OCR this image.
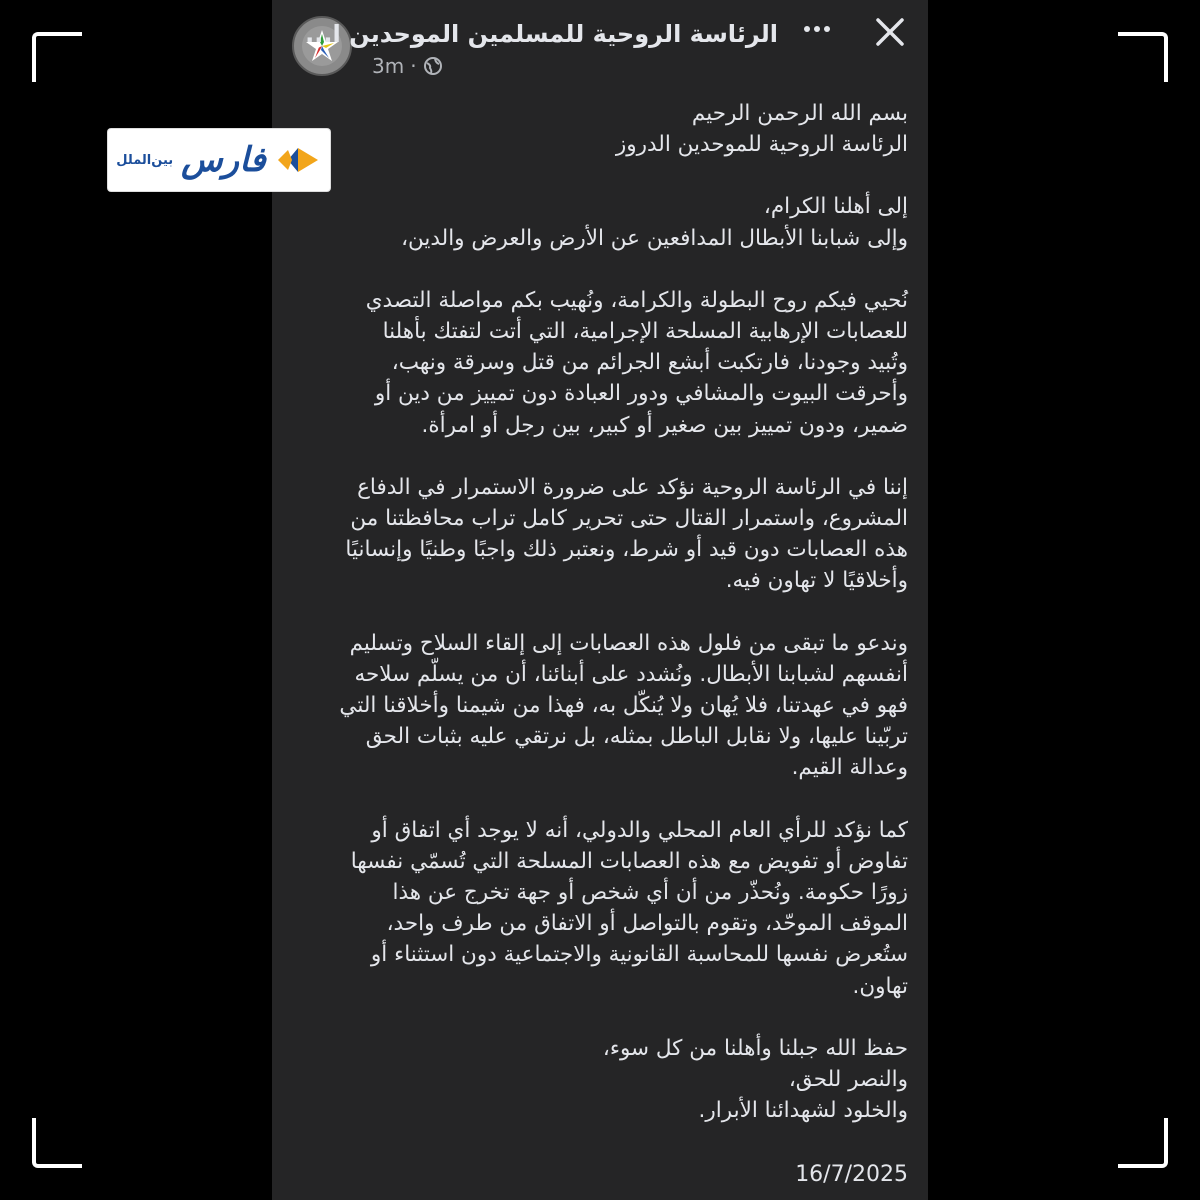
الرئاسة الروحية للمسلمين الموحدين ا...
3m ·

بسم الله الرحمن الرحيم
الرئاسة الروحية للموحدين الدروز

إلى أهلنا الكرام،
وإلى شبابنا الأبطال المدافعين عن الأرض والعرض والدين،

نُحيي فيكم روح البطولة والكرامة، ونُهيب بكم مواصلة التصدي
للعصابات الإرهابية المسلحة الإجرامية، التي أتت لتفتك بأهلنا
وتُبيد وجودنا، فارتكبت أبشع الجرائم من قتل وسرقة ونهب،
وأحرقت البيوت والمشافي ودور العبادة دون تمييز من دين أو
ضمير، ودون تمييز بين صغير أو كبير، بين رجل أو امرأة.

إننا في الرئاسة الروحية نؤكد على ضرورة الاستمرار في الدفاع
المشروع، واستمرار القتال حتى تحرير كامل تراب محافظتنا من
هذه العصابات دون قيد أو شرط، ونعتبر ذلك واجبًا وطنيًا وإنسانيًا
وأخلاقيًا لا تهاون فيه.

وندعو ما تبقى من فلول هذه العصابات إلى إلقاء السلاح وتسليم
أنفسهم لشبابنا الأبطال. ونُشدد على أبنائنا، أن من يسلّم سلاحه
فهو في عهدتنا، فلا يُهان ولا يُنكّل به، فهذا من شيمنا وأخلاقنا التي
تربّينا عليها، ولا نقابل الباطل بمثله، بل نرتقي عليه بثبات الحق
وعدالة القيم.

كما نؤكد للرأي العام المحلي والدولي، أنه لا يوجد أي اتفاق أو
تفاوض أو تفويض مع هذه العصابات المسلحة التي تُسمّي نفسها
زورًا حكومة. ونُحذّر من أن أي شخص أو جهة تخرج عن هذا
الموقف الموحّد، وتقوم بالتواصل أو الاتفاق من طرف واحد،
ستُعرض نفسها للمحاسبة القانونية والاجتماعية دون استثناء أو
تهاون.

حفظ الله جبلنا وأهلنا من كل سوء،
والنصر للحق،
والخلود لشهدائنا الأبرار.

16/7/2025
بين‌الملل فارس
